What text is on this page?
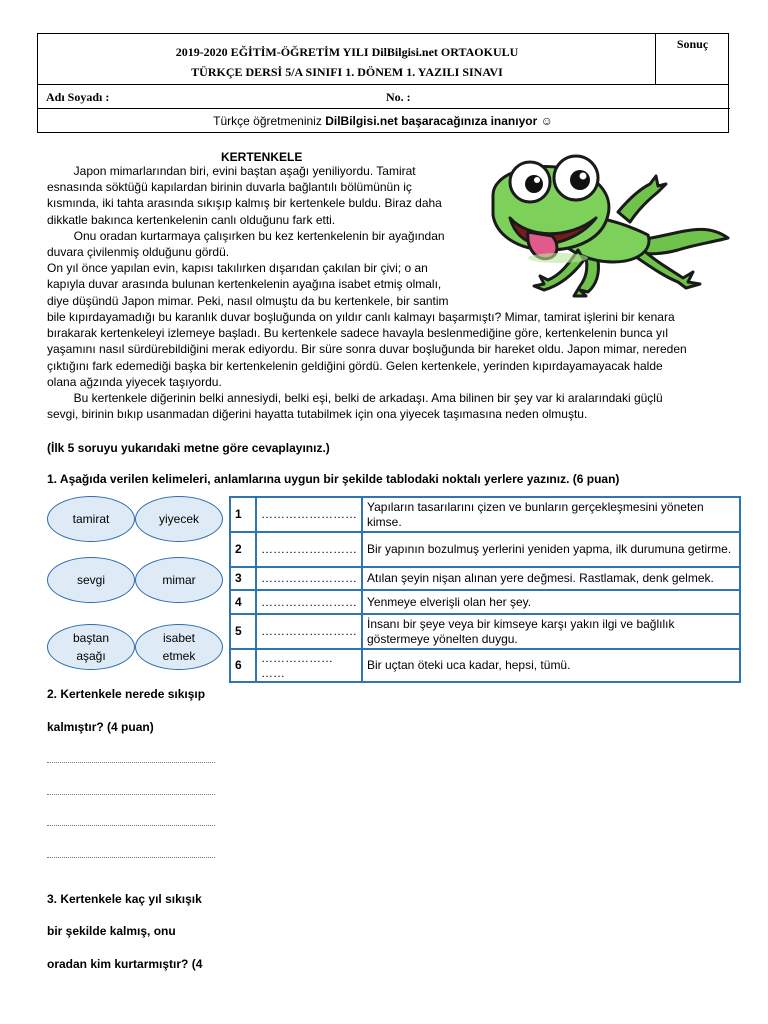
2019-2020 EĞİTİM-ÖĞRETİM YILI DilBilgisi.net ORTAOKULU
TÜRKÇE DERSİ 5/A SINIFI 1. DÖNEM 1. YAZILI SINAVI
Sonuç
Adı Soyadı :	No. :
Türkçe öğretmeniniz DilBilgisi.net başaracağınıza inanıyor ☺
KERTENKELE
Japon mimarlarından biri, evini baştan aşağı yeniliyordu. Tamirat
esnasında söktüğü kapılardan birinin duvarla bağlantılı bölümünün iç
kısmında, iki tahta arasında sıkışıp kalmış bir kertenkele buldu. Biraz daha
dikkatle bakınca kertenkelenin canlı olduğunu fark etti.
Onu oradan kurtarmaya çalışırken bu kez kertenkelenin bir ayağından
duvara çivilenmiş olduğunu gördü.
On yıl önce yapılan evin, kapısı takılırken dışarıdan çakılan bir çivi; o an
kapıyla duvar arasında bulunan kertenkelenin ayağına isabet etmiş olmalı,
diye düşündü Japon mimar. Peki, nasıl olmuştu da bu kertenkele, bir santim
bile kıpırdayamadığı bu karanlık duvar boşluğunda on yıldır canlı kalmayı başarmıştı? Mimar, tamirat işlerini bir kenara
bırakarak kertenkeleyi izlemeye başladı. Bu kertenkele sadece havayla beslenmediğine göre, kertenkelenin bunca yıl
yaşamını nasıl sürdürebildiğini merak ediyordu. Bir süre sonra duvar boşluğunda bir hareket oldu. Japon mimar, nereden
çıktığını fark edemediği başka bir kertenkelenin geldiğini gördü. Gelen kertenkele, yerinden kıpırdayamayacak halde
olana ağzında yiyecek taşıyordu.
Bu kertenkele diğerinin belki annesiydi, belki eşi, belki de arkadaşı. Ama bilinen bir şey var ki aralarındaki güçlü
sevgi, birinin bıkıp usanmadan diğerini hayatta tutabilmek için ona yiyecek taşımasına neden olmuştu.
(İlk 5 soruyu yukarıdaki metne göre cevaplayınız.)
1. Aşağıda verilen kelimeleri, anlamlarına uygun bir şekilde tablodaki noktalı yerlere yazınız. (6 puan)
tamirat	yiyecek
sevgi	mimar
baştan aşağı
isabet etmek
1	……………………	Yapıların tasarılarını çizen ve bunların gerçekleşmesini yöneten kimse.
2	……………………	Bir yapının bozulmuş yerlerini yeniden yapma, ilk durumuna getirme.
3	……………………	Atılan şeyin nişan alınan yere değmesi. Rastlamak, denk gelmek.
4	……………………	Yenmeye elverişli olan her şey.
5	……………………	İnsanı bir şeye veya bir kimseye karşı yakın ilgi ve bağlılık göstermeye yönelten duygu.
6	……………… ……	Bir uçtan öteki uca kadar, hepsi, tümü.
2. Kertenkele nerede sıkışıp
kalmıştır? (4 puan)
3. Kertenkele kaç yıl sıkışık
bir şekilde kalmış, onu
oradan kim kurtarmıştır? (4
